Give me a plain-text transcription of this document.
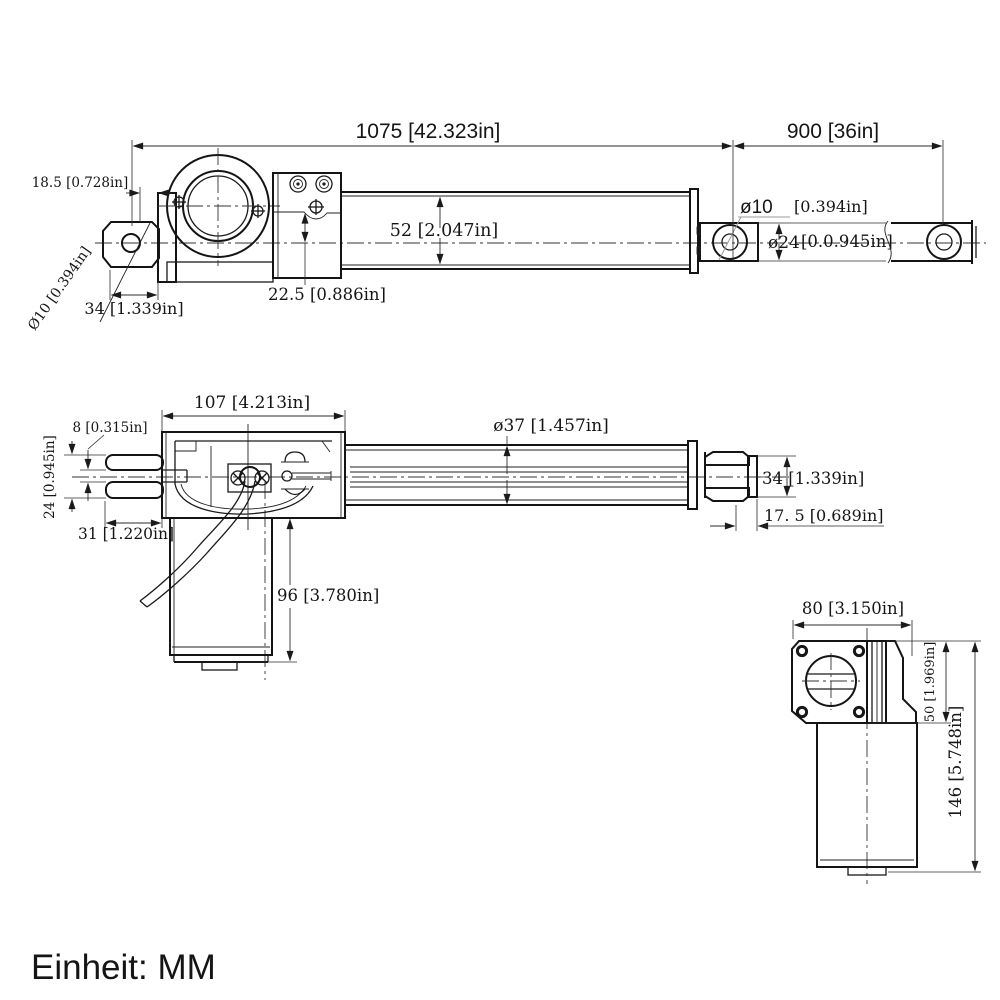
Ø10 [0.394in]
ø10 [0.394in]
ø24 [0.0.945in]
1075 [42.323in]	900 [36in]
18.5 [0.728in]
34 [1.339in]
52 [2.047in]
22.5 [0.886in]
107 [4.213in]
8 [0.315in]
24 [0.945in]
31 [1.220in]
ø37 [1.457in]
34 [1.339in]
17. 5 [0.689in]
96 [3.780in]
80 [3.150in]
50 [1.969in]
146 [5.748in]
Einheit: MM
